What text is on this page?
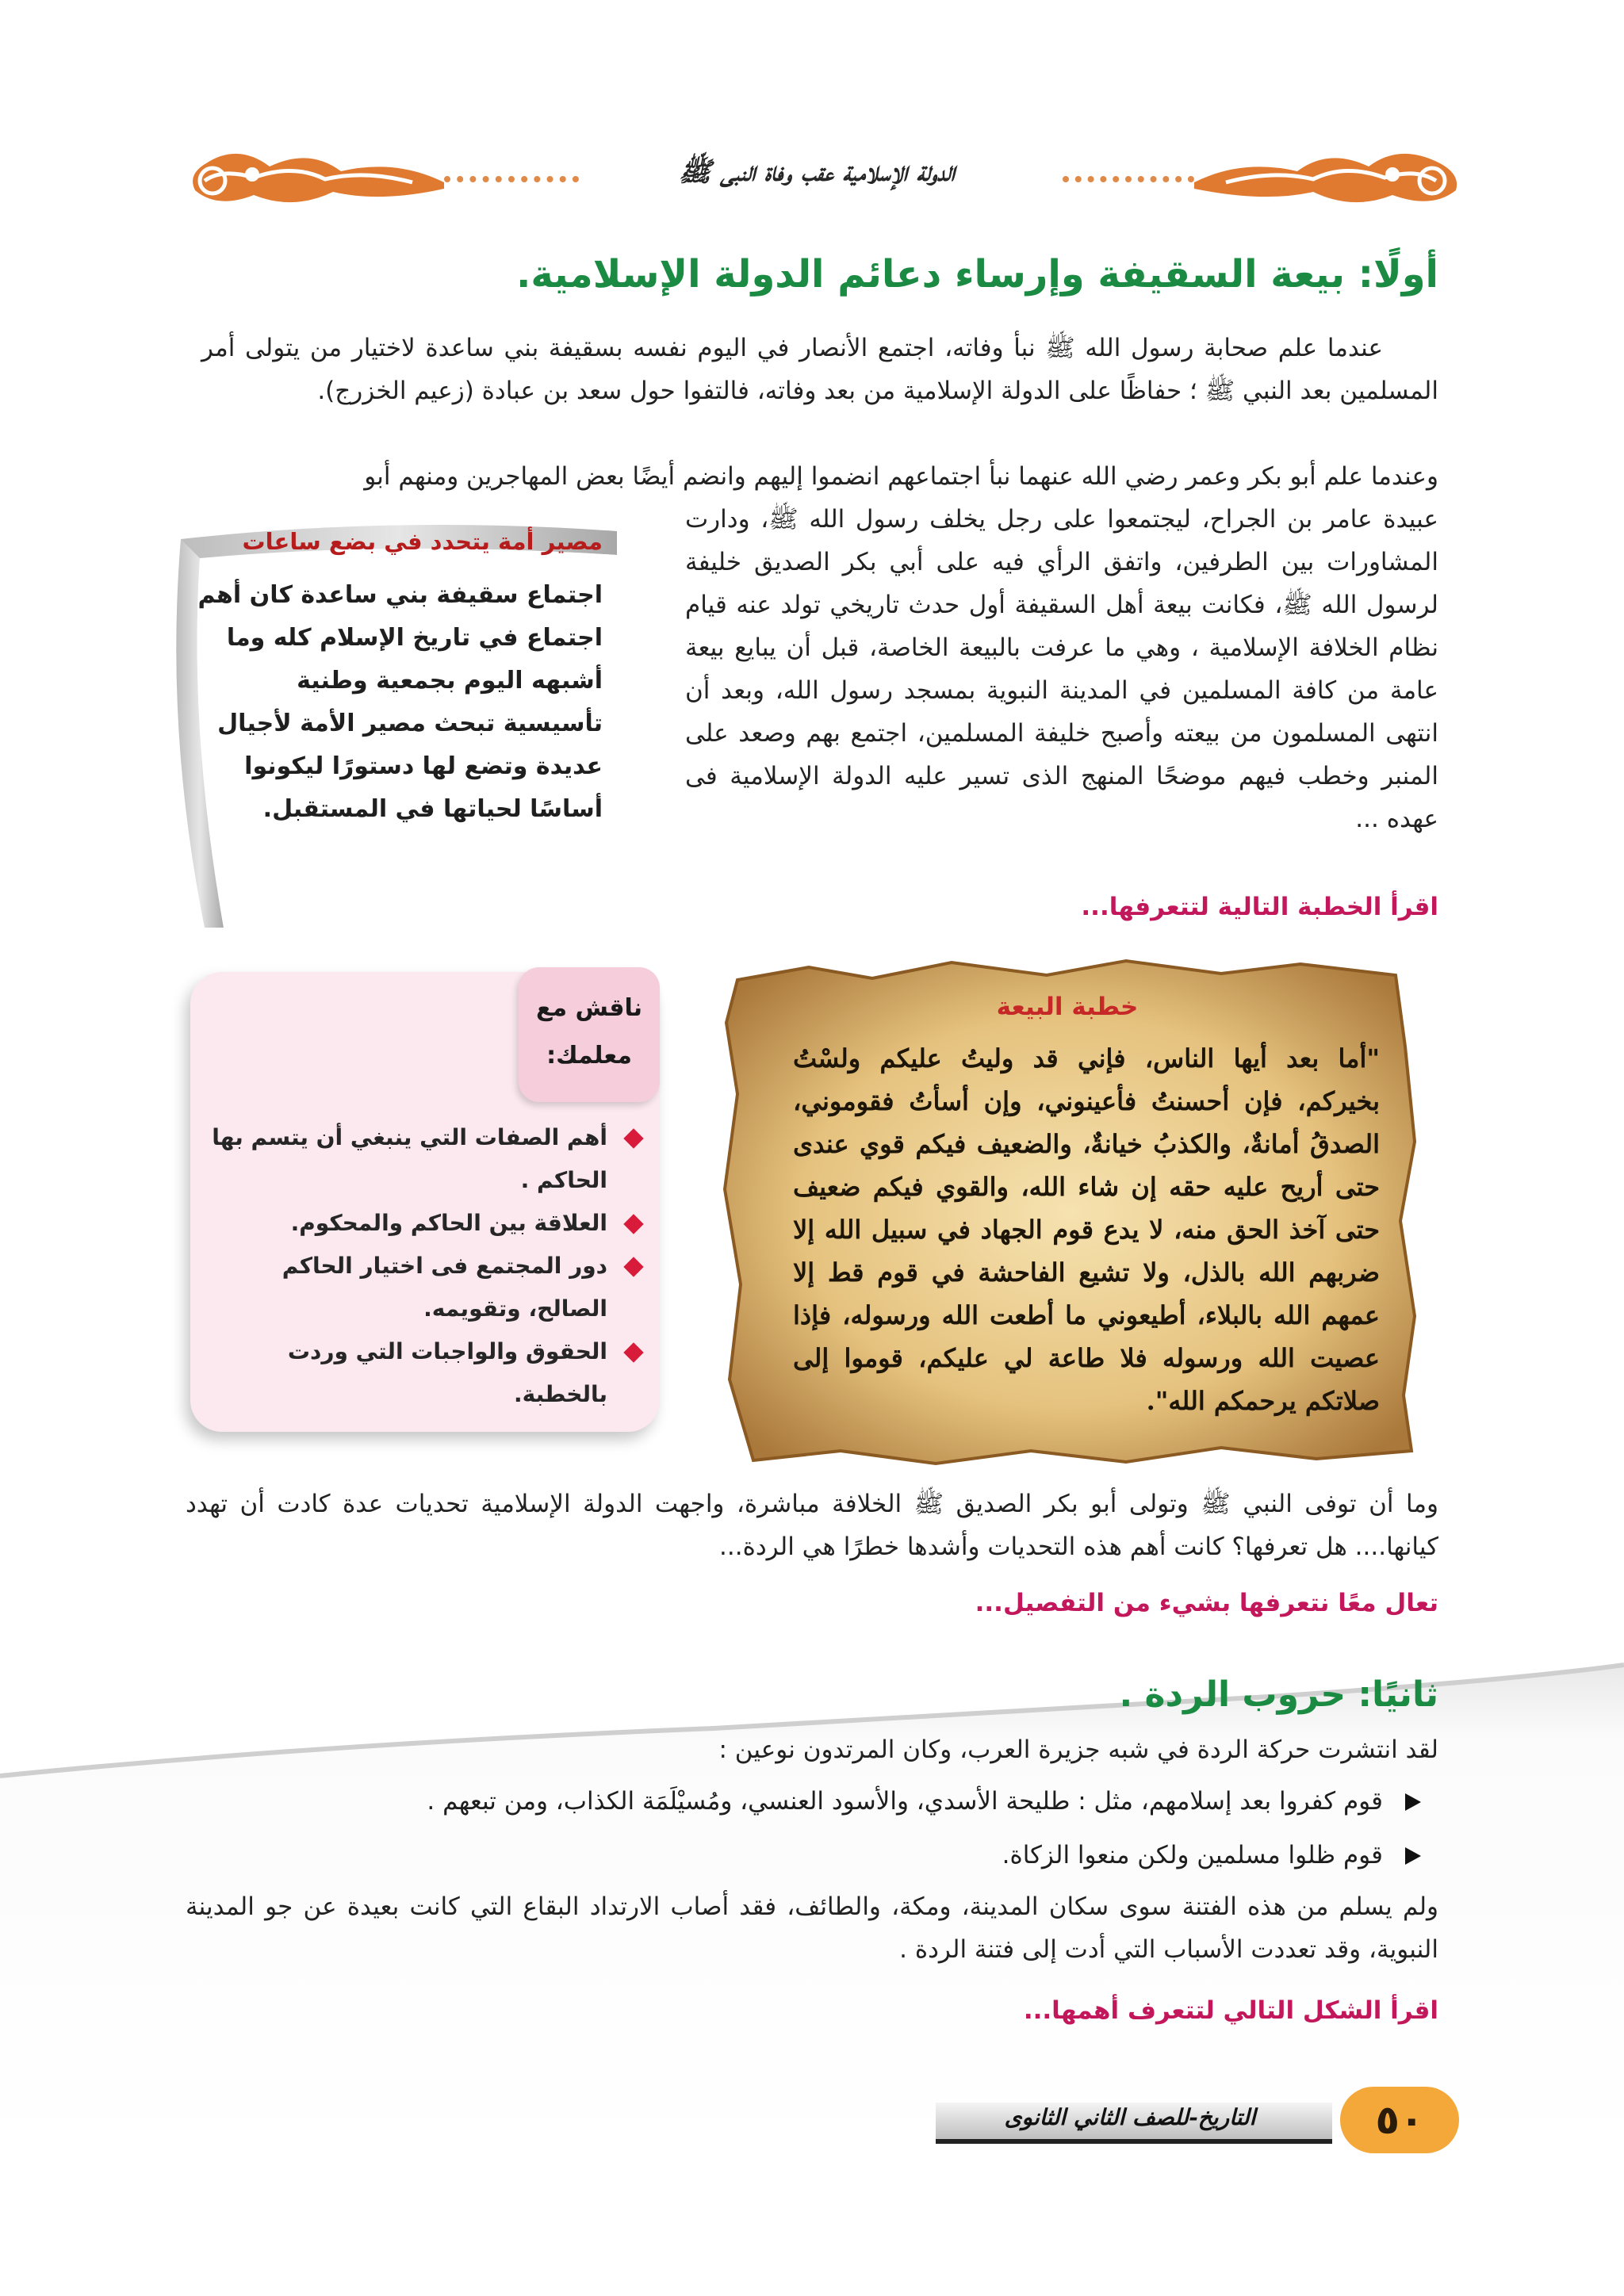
الدولة الإسلامية عقب وفاة النبى ﷺ
أولًا: بيعة السقيفة وإرساء دعائم الدولة الإسلامية.
عندما علم صحابة رسول الله ﷺ نبأ وفاته، اجتمع الأنصار في اليوم نفسه بسقيفة بني ساعدة لاختيار من يتولى أمر المسلمين بعد النبي ﷺ ؛ حفاظًا على الدولة الإسلامية من بعد وفاته، فالتفوا حول سعد بن عبادة (زعيم الخزرج).
وعندما علم أبو بكر وعمر رضي الله عنهما نبأ اجتماعهم انضموا إليهم وانضم أيضًا بعض المهاجرين ومنهم أبو
عبيدة عامر بن الجراح، ليجتمعوا على رجل يخلف رسول الله ﷺ، ودارت المشاورات بين الطرفين، واتفق الرأي فيه على أبي بكر الصديق خليفة لرسول الله ﷺ، فكانت بيعة أهل السقيفة أول حدث تاريخي تولد عنه قيام نظام الخلافة الإسلامية ، وهي ما عرفت بالبيعة الخاصة، قبل أن يبايع بيعة عامة من كافة المسلمين في المدينة النبوية بمسجد رسول الله، وبعد أن انتهى المسلمون من بيعته وأصبح خليفة المسلمين، اجتمع بهم وصعد على المنبر وخطب فيهم موضحًا المنهج الذى تسير عليه الدولة الإسلامية فى عهده ...
اقرأ الخطبة التالية لتتعرفها...
مصير أمة يتحدد في بضع ساعات
اجتماع سقيفة بني ساعدة كان أهم اجتماع في تاريخ الإسلام كله وما أشبهه اليوم بجمعية وطنية تأسيسية تبحث مصير الأمة لأجيال عديدة وتضع لها دستورًا ليكونوا أساسًا لحياتها في المستقبل.
ناقش مع
معلمك:
أهم الصفات التي ينبغي أن يتسم بها الحاكم .
العلاقة بين الحاكم والمحكوم.
دور المجتمع فى اختيار الحاكم الصالح، وتقويمه.
الحقوق والواجبات التي وردت بالخطبة.
خطبة البيعة
"أما بعد أيها الناس، فإني قد وليتُ عليكم ولسْتُ بخيركم، فإن أحسنتُ فأعينوني، وإن أسأتُ فقوموني، الصدقُ أمانةٌ، والكذبُ خيانةٌ، والضعيف فيكم قوي عندى حتى أريح عليه حقه إن شاء الله، والقوي فيكم ضعيف حتى آخذ الحق منه، لا يدع قوم الجهاد في سبيل الله إلا ضربهم الله بالذل، ولا تشيع الفاحشة في قوم قط إلا عمهم الله بالبلاء، أطيعوني ما أطعت الله ورسوله، فإذا عصيت الله ورسوله فلا طاعة لي عليكم، قوموا إلى صلاتكم يرحمكم الله".
وما أن توفى النبي ﷺ وتولى أبو بكر الصديق ﷺ الخلافة مباشرة، واجهت الدولة الإسلامية تحديات عدة كادت أن تهدد كيانها.... هل تعرفها؟ كانت أهم هذه التحديات وأشدها خطرًا هي الردة...
تعال معًا نتعرفها بشيء من التفصيل...
ثانيًا: حروب الردة .
لقد انتشرت حركة الردة في شبه جزيرة العرب، وكان المرتدون نوعين :
قوم كفروا بعد إسلامهم، مثل : طليحة الأسدي، والأسود العنسي، ومُسيْلَمَة الكذاب، ومن تبعهم .
قوم ظلوا مسلمين ولكن منعوا الزكاة.
ولم يسلم من هذه الفتنة سوى سكان المدينة، ومكة، والطائف، فقد أصاب الارتداد البقاع التي كانت بعيدة عن جو المدينة النبوية، وقد تعددت الأسباب التي أدت إلى فتنة الردة .
اقرأ الشكل التالي لتتعرف أهمها...
التاريخ-للصف الثاني الثانوى	٥٠
